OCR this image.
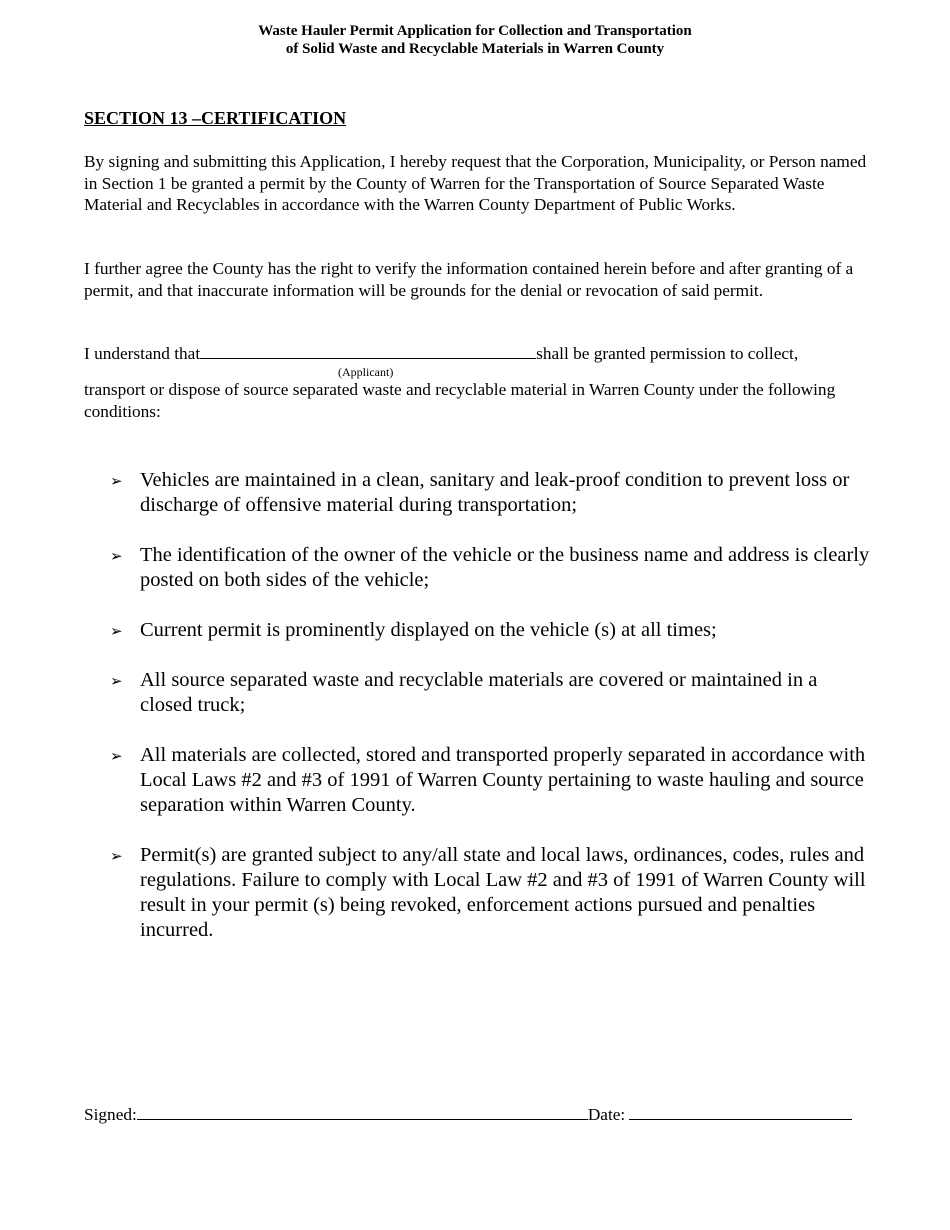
Waste Hauler Permit Application for Collection and Transportation
of Solid Waste and Recyclable Materials in Warren County
SECTION 13 –CERTIFICATION

By signing and submitting this Application, I hereby request that the Corporation, Municipality, or Person named in Section 1 be granted a permit by the County of Warren for the Transportation of Source Separated Waste Material and Recyclables in accordance with the Warren County Department of Public Works.

I further agree the County has the right to verify the information contained herein before and after granting of a permit, and that inaccurate information will be grounds for the denial or revocation of said permit.

I understand that	shall be granted permission to collect,
(Applicant)

transport or dispose of source separated waste and recyclable material in Warren County under the following conditions:

➢ Vehicles are maintained in a clean, sanitary and leak-proof condition to prevent loss or discharge of offensive material during transportation;
➢ The identification of the owner of the vehicle or the business name and address is clearly posted on both sides of the vehicle;
➢ Current permit is prominently displayed on the vehicle (s) at all times;
➢ All source separated waste and recyclable materials are covered or maintained in a closed truck;
➢ All materials are collected, stored and transported properly separated in accordance with Local Laws #2 and #3 of 1991 of Warren County pertaining to waste hauling and source separation within Warren County.
➢ Permit(s) are granted subject to any/all state and local laws, ordinances, codes, rules and regulations. Failure to comply with Local Law #2 and #3 of 1991 of Warren County will result in your permit (s) being revoked, enforcement actions pursued and penalties incurred.
Signed:	Date:
